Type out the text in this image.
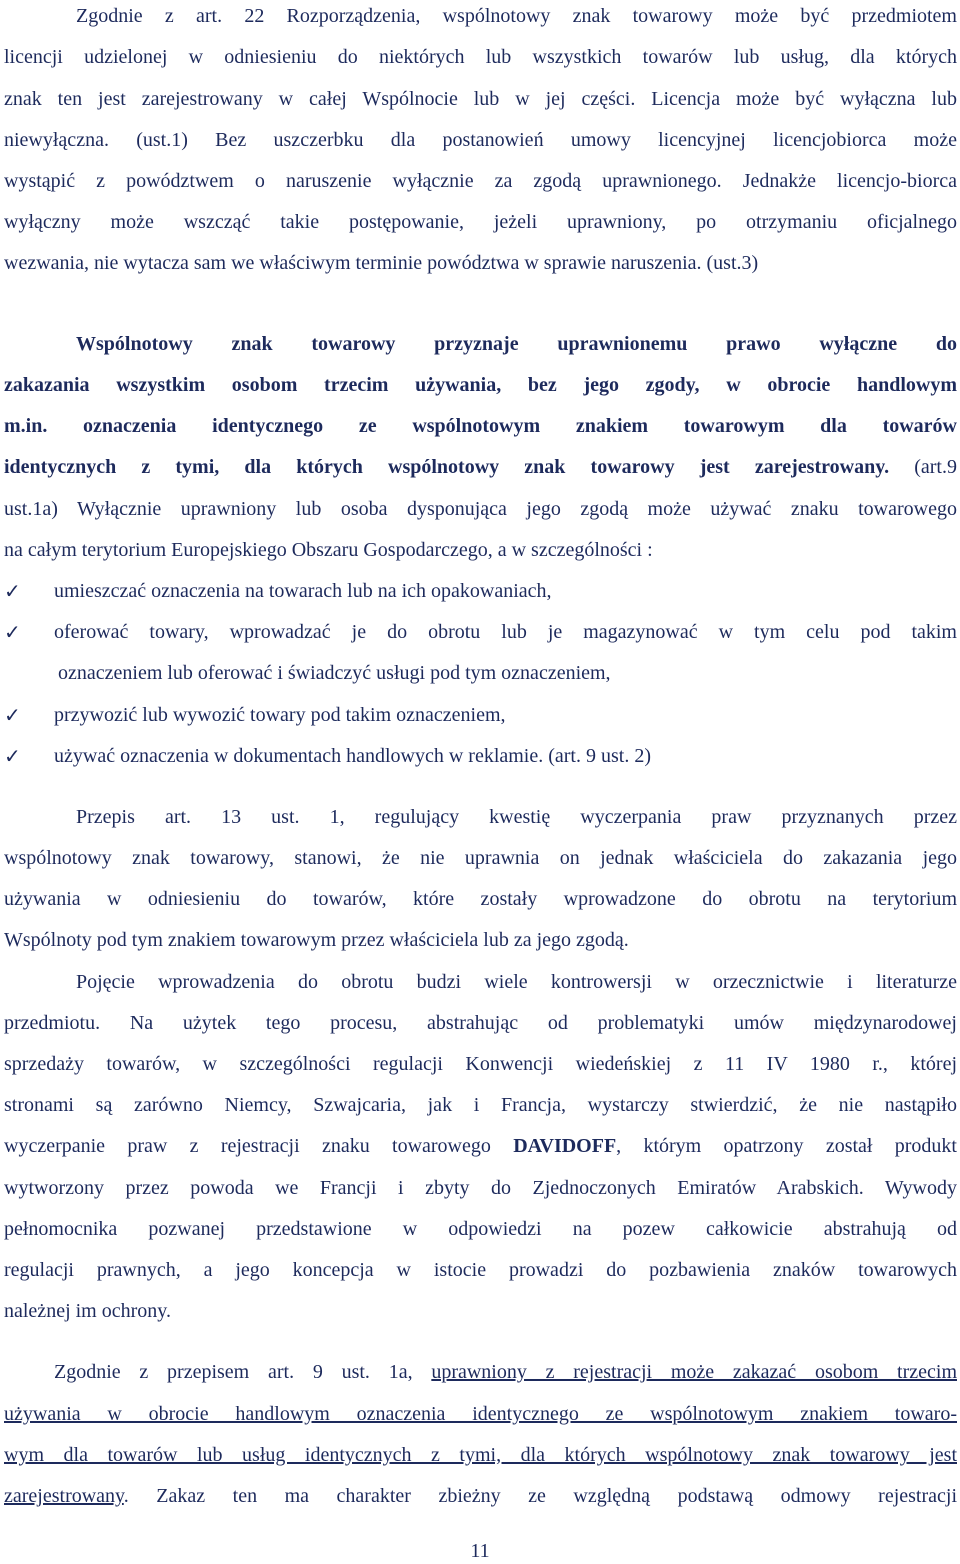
Zgodnie z art. 22 Rozporządzenia, wspólnotowy znak towarowy może być przedmiotem
licencji udzielonej w odniesieniu do niektórych lub wszystkich towarów lub usług, dla których
znak ten jest zarejestrowany w całej Wspólnocie lub w jej części. Licencja może być wyłączna lub
niewyłączna. (ust.1) Bez uszczerbku dla postanowień umowy licencyjnej licencjobiorca może
wystąpić z powództwem o naruszenie wyłącznie za zgodą uprawnionego. Jednakże licencjo-biorca
wyłączny może wszcząć takie postępowanie, jeżeli uprawniony, po otrzymaniu oficjalnego
wezwania, nie wytacza sam we właściwym terminie powództwa w sprawie naruszenia. (ust.3)
Wspólnotowy znak towarowy przyznaje uprawnionemu prawo wyłączne do
zakazania wszystkim osobom trzecim używania, bez jego zgody, w obrocie handlowym
m.in. oznaczenia identycznego ze wspólnotowym znakiem towarowym dla towarów
identycznych z tymi, dla których wspólnotowy znak towarowy jest zarejestrowany. (art.9
ust.1a) Wyłącznie uprawniony lub osoba dysponująca jego zgodą może używać znaku towarowego
na całym terytorium Europejskiego Obszaru Gospodarczego, a w szczególności :
✓ umieszczać oznaczenia na towarach lub na ich opakowaniach,
✓ oferować towary, wprowadzać je do obrotu lub je magazynować w tym celu pod takim
oznaczeniem lub oferować i świadczyć usługi pod tym oznaczeniem,
✓ przywozić lub wywozić towary pod takim oznaczeniem,
✓ używać oznaczenia w dokumentach handlowych w reklamie. (art. 9 ust. 2)
Przepis art. 13 ust. 1, regulujący kwestię wyczerpania praw przyznanych przez
wspólnotowy znak towarowy, stanowi, że nie uprawnia on jednak właściciela do zakazania jego
używania w odniesieniu do towarów, które zostały wprowadzone do obrotu na terytorium
Wspólnoty pod tym znakiem towarowym przez właściciela lub za jego zgodą.
Pojęcie wprowadzenia do obrotu budzi wiele kontrowersji w orzecznictwie i literaturze
przedmiotu. Na użytek tego procesu, abstrahując od problematyki umów międzynarodowej
sprzedaży towarów, w szczególności regulacji Konwencji wiedeńskiej z 11 IV 1980 r., której
stronami są zarówno Niemcy, Szwajcaria, jak i Francja, wystarczy stwierdzić, że nie nastąpiło
wyczerpanie praw z rejestracji znaku towarowego DAVIDOFF, którym opatrzony został produkt
wytworzony przez powoda we Francji i zbyty do Zjednoczonych Emiratów Arabskich. Wywody
pełnomocnika pozwanej przedstawione w odpowiedzi na pozew całkowicie abstrahują od
regulacji prawnych, a jego koncepcja w istocie prowadzi do pozbawienia znaków towarowych
należnej im ochrony.
Zgodnie z przepisem art. 9 ust. 1a, uprawniony z rejestracji może zakazać osobom trzecim
używania w obrocie handlowym oznaczenia identycznego ze wspólnotowym znakiem towaro-
wym dla towarów lub usług identycznych z tymi, dla których wspólnotowy znak towarowy jest
zarejestrowany. Zakaz ten ma charakter zbieżny ze względną podstawą odmowy rejestracji
11
